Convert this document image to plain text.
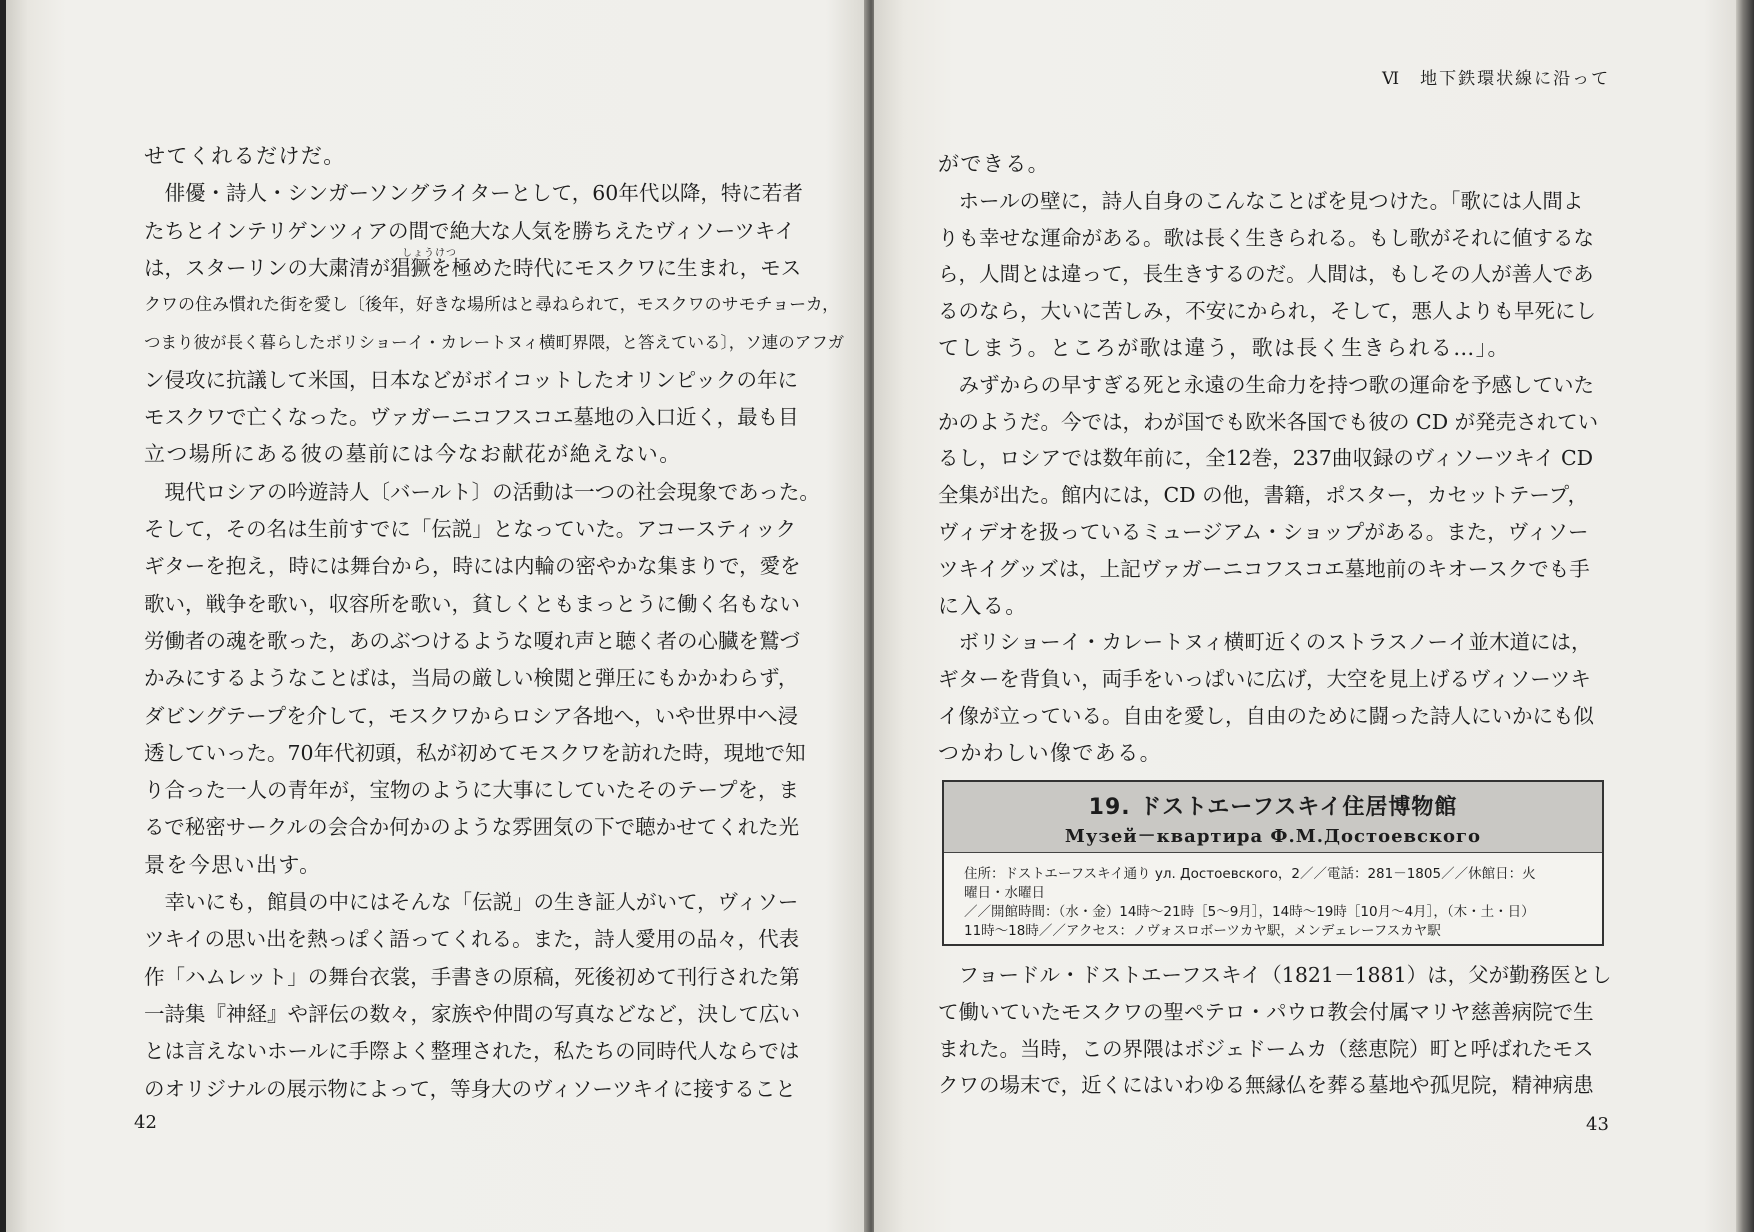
しょうけつ
せてくれるだけだ。
　俳優・詩人・シンガーソングライターとして，60年代以降，特に若者
たちとインテリゲンツィアの間で絶大な人気を勝ちえたヴィソーツキイ
は，スターリンの大粛清が猖獗を極めた時代にモスクワに生まれ，モス
クワの住み慣れた街を愛し〔後年，好きな場所はと尋ねられて，モスクワのサモチョーカ，
つまり彼が長く暮らしたボリショーイ・カレートヌィ横町界隈，と答えている〕，ソ連のアフガ
ン侵攻に抗議して米国，日本などがボイコットしたオリンピックの年に
モスクワで亡くなった。ヴァガーニコフスコエ墓地の入口近く，最も目
立つ場所にある彼の墓前には今なお献花が絶えない。
　現代ロシアの吟遊詩人〔バールト〕の活動は一つの社会現象であった。
そして，その名は生前すでに「伝説」となっていた。アコースティック
ギターを抱え，時には舞台から，時には内輪の密やかな集まりで，愛を
歌い，戦争を歌い，収容所を歌い，貧しくともまっとうに働く名もない
労働者の魂を歌った，あのぶつけるような嗄れ声と聴く者の心臓を鷲づ
かみにするようなことばは，当局の厳しい検閲と弾圧にもかかわらず，
ダビングテープを介して，モスクワからロシア各地へ，いや世界中へ浸
透していった。70年代初頭，私が初めてモスクワを訪れた時，現地で知
り合った一人の青年が，宝物のように大事にしていたそのテープを，ま
るで秘密サークルの会合か何かのような雰囲気の下で聴かせてくれた光
景を今思い出す。
　幸いにも，館員の中にはそんな「伝説」の生き証人がいて，ヴィソー
ツキイの思い出を熱っぽく語ってくれる。また，詩人愛用の品々，代表
作「ハムレット」の舞台衣裳，手書きの原稿，死後初めて刊行された第
一詩集『神経』や評伝の数々，家族や仲間の写真などなど，決して広い
とは言えないホールに手際よく整理された，私たちの同時代人ならでは
のオリジナルの展示物によって，等身大のヴィソーツキイに接すること
42
Ⅵ　地下鉄環状線に沿って
ができる。
　ホールの壁に，詩人自身のこんなことばを見つけた。「歌には人間よ
りも幸せな運命がある。歌は長く生きられる。もし歌がそれに値するな
ら，人間とは違って，長生きするのだ。人間は，もしその人が善人であ
るのなら，大いに苦しみ，不安にかられ，そして，悪人よりも早死にし
てしまう。ところが歌は違う，歌は長く生きられる…」。
　みずからの早すぎる死と永遠の生命力を持つ歌の運命を予感していた
かのようだ。今では，わが国でも欧米各国でも彼の CD が発売されてい
るし，ロシアでは数年前に，全12巻，237曲収録のヴィソーツキイ CD
全集が出た。館内には，CD の他，書籍，ポスター，カセットテープ，
ヴィデオを扱っているミュージアム・ショップがある。また，ヴィソー
ツキイグッズは，上記ヴァガーニコフスコエ墓地前のキオースクでも手
に入る。
　ボリショーイ・カレートヌィ横町近くのストラスノーイ並木道には，
ギターを背負い，両手をいっぱいに広げ，大空を見上げるヴィソーツキ
イ像が立っている。自由を愛し，自由のために闘った詩人にいかにも似
つかわしい像である。
19. ドストエーフスキイ住居博物館
Музей－квартира Ф.М.Достоевского
住所：ドストエーフスキイ通り ул. Достоевского，2／／電話：281－1805／／休館日：火
曜日・水曜日
／／開館時間：（水・金）14時～21時［5～9月］，14時～19時［10月～4月］，（木・土・日）
11時～18時／／アクセス：ノヴォスロボーツカヤ駅，メンデェレーフスカヤ駅
　フョードル・ドストエーフスキイ（1821－1881）は，父が勤務医とし
て働いていたモスクワの聖ペテロ・パウロ教会付属マリヤ慈善病院で生
まれた。当時，この界隈はボジェドームカ（慈恵院）町と呼ばれたモス
クワの場末で，近くにはいわゆる無縁仏を葬る墓地や孤児院，精神病患
43
